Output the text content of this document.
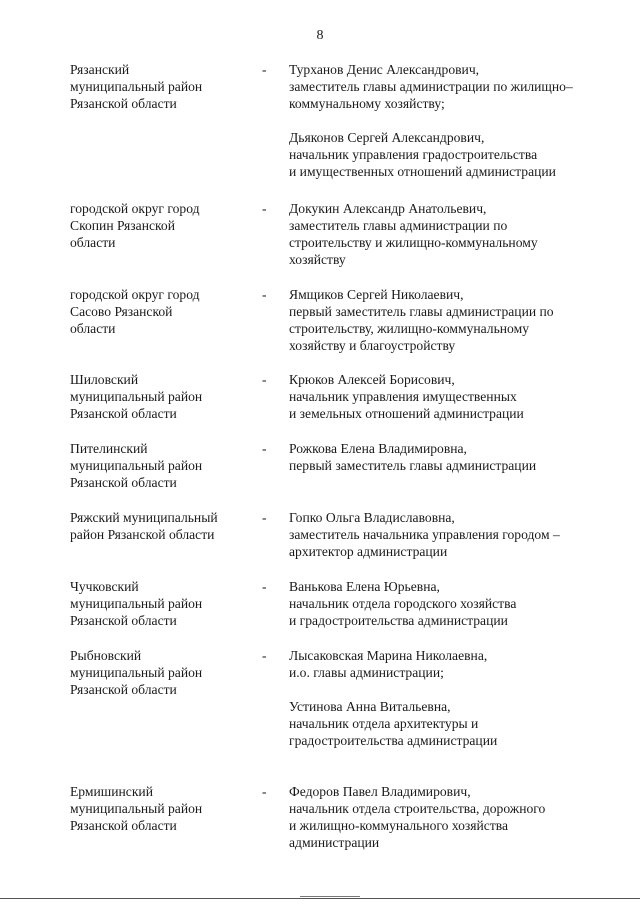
8
Рязанский
муниципальный район
Рязанской области
-	Турханов Денис Александрович,
заместитель главы администрации по жилищно–
коммунальному хозяйству;
Дьяконов Сергей Александрович,
начальник управления градостроительства
и имущественных отношений администрации
городской округ город
Скопин Рязанской
области
-	Докукин Александр Анатольевич,
заместитель главы администрации по
строительству и жилищно-коммунальному
хозяйству
городской округ город
Сасово Рязанской
области
-	Ямщиков Сергей Николаевич,
первый заместитель главы администрации по
строительству, жилищно-коммунальному
хозяйству и благоустройству
Шиловский
муниципальный район
Рязанской области
-	Крюков Алексей Борисович,
начальник управления имущественных
и земельных отношений администрации
Пителинский
муниципальный район
Рязанской области
-	Рожкова Елена Владимировна,
первый заместитель главы администрации
Ряжский муниципальный
район Рязанской области
-	Гопко Ольга Владиславовна,
заместитель начальника управления городом –
архитектор администрации
Чучковский
муниципальный район
Рязанской области
-	Ванькова Елена Юрьевна,
начальник отдела городского хозяйства
и градостроительства администрации
Рыбновский
муниципальный район
Рязанской области
-	Лысаковская Марина Николаевна,
и.о. главы администрации;
Устинова Анна Витальевна,
начальник отдела архитектуры и
градостроительства администрации
Ермишинский
муниципальный район
Рязанской области
-	Федоров Павел Владимирович,
начальник отдела строительства, дорожного
и жилищно-коммунального хозяйства
администрации
